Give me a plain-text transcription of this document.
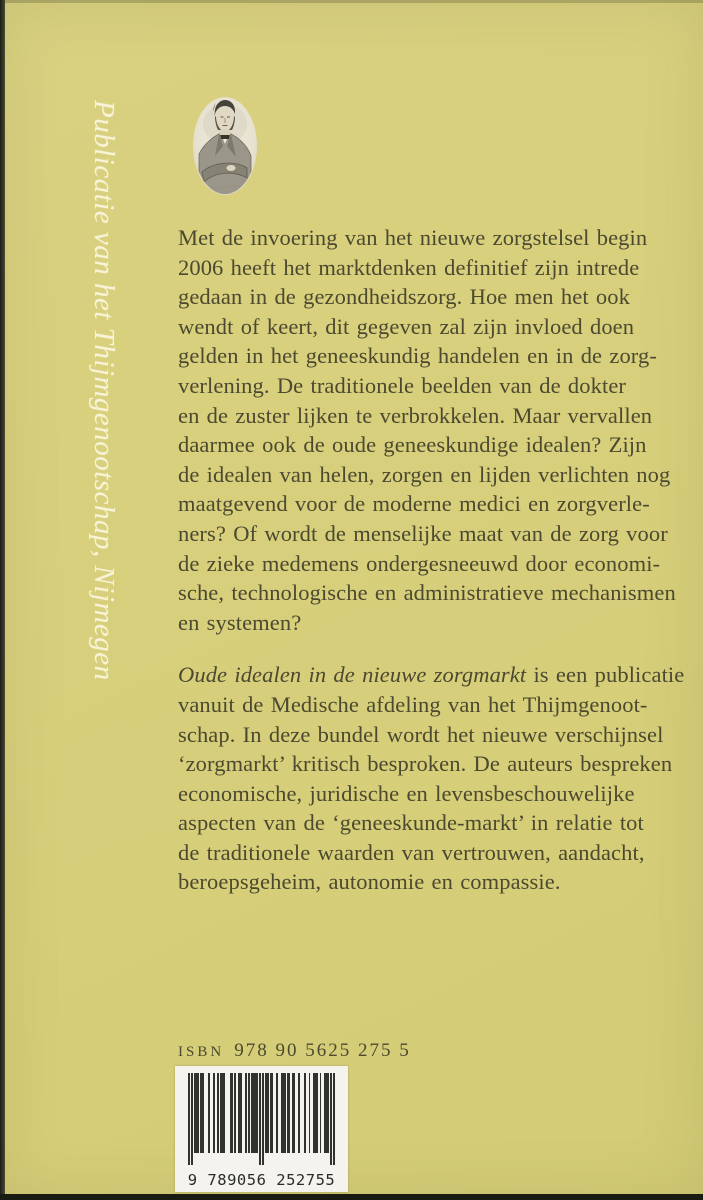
Publicatie van het Thijmgenootschap, Nijmegen	Met de invoering van het nieuwe zorgstelsel begin
2006 heeft het marktdenken definitief zijn intrede
gedaan in de gezondheidszorg. Hoe men het ook
wendt of keert, dit gegeven zal zijn invloed doen
gelden in het geneeskundig handelen en in de zorg-
verlening. De traditionele beelden van de dokter
en de zuster lijken te verbrokkelen. Maar vervallen
daarmee ook de oude geneeskundige idealen? Zijn
de idealen van helen, zorgen en lijden verlichten nog
maatgevend voor de moderne medici en zorgverle-
ners? Of wordt de menselijke maat van de zorg voor
de zieke medemens ondergesneeuwd door economi-
sche, technologische en administratieve mechanismen
en systemen?
Oude idealen in de nieuwe zorgmarkt is een publicatie
vanuit de Medische afdeling van het Thijmgenoot-
schap. In deze bundel wordt het nieuwe verschijnsel
‘zorgmarkt’ kritisch besproken. De auteurs bespreken
economische, juridische en levensbeschouwelijke
aspecten van de ‘geneeskunde-markt’ in relatie tot
de traditionele waarden van vertrouwen, aandacht,
beroepsgeheim, autonomie en compassie.
ISBN 978 90 5625 275 5
9 789056 252755
